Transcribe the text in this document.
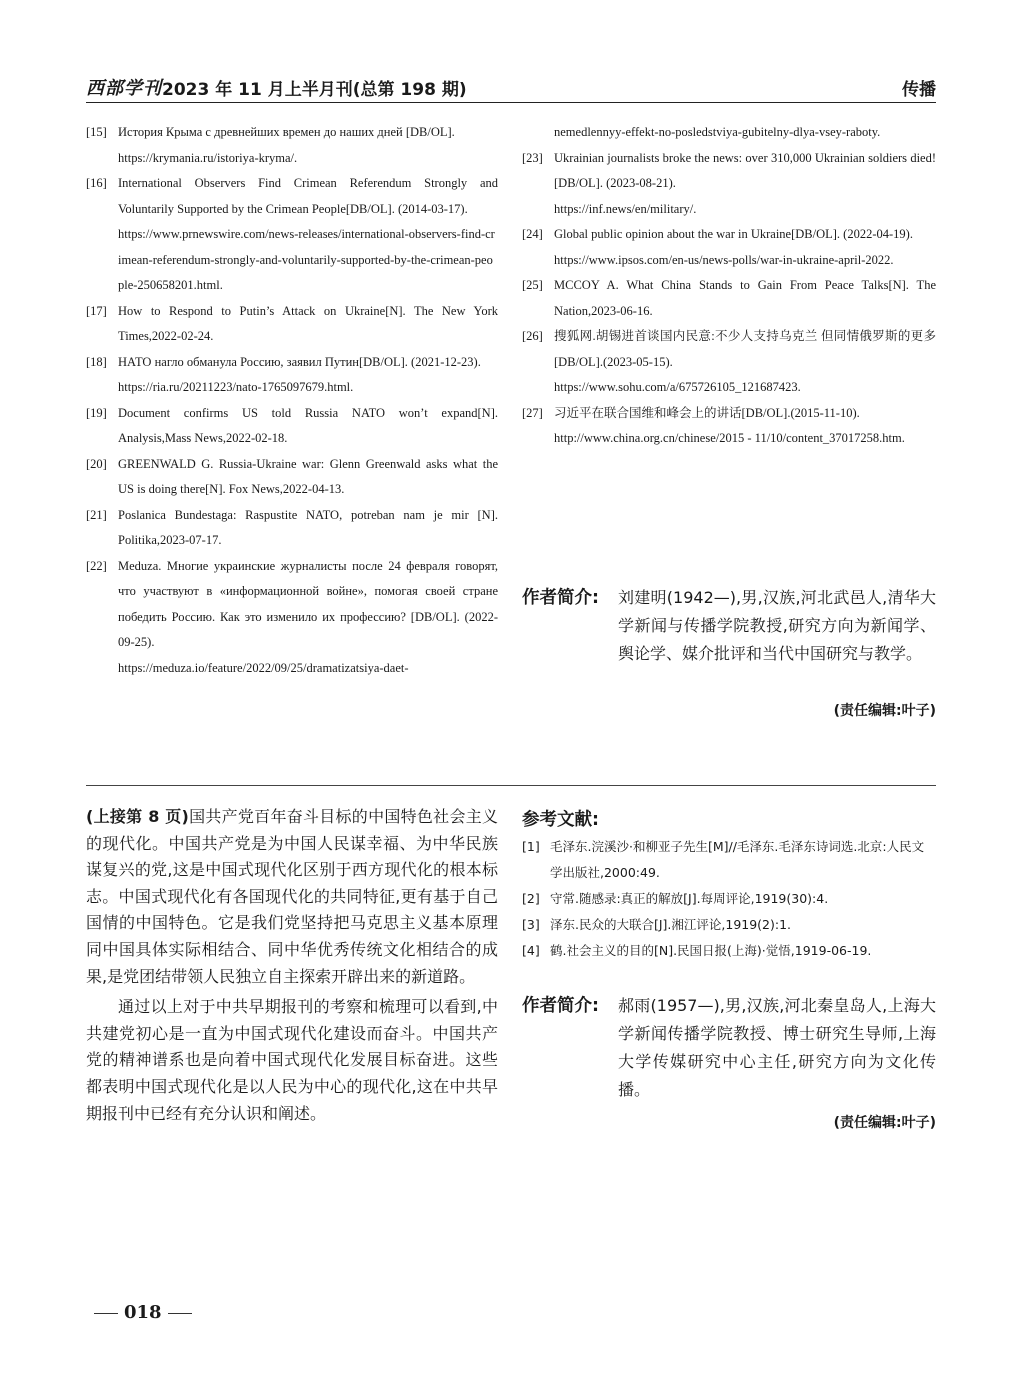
西部学刊 2023 年 11 月上半月刊(总第 198 期)	传播
[15] История Крыма с древнейших времен до наших дней [DB/OL].
https://krymania.ru/istoriya-kryma/.
[16] International Observers Find Crimean Referendum Strongly and Voluntarily Supported by the Crimean People[DB/OL]. (2014-03-17).
https://www.prnewswire.com/news-releases/international-observers-find-crimean-referendum-strongly-and-voluntarily-supported-by-the-crimean-people-250658201.html.
[17] How to Respond to Putin’s Attack on Ukraine[N]. The New York Times,2022-02-24.
[18] НАТО нагло обманула Россию, заявил Путин[DB/OL]. (2021-12-23).
https://ria.ru/20211223/nato-1765097679.html.
[19] Document confirms US told Russia NATO won’t expand[N]. Analysis,Mass News,2022-02-18.
[20] GREENWALD G. Russia-Ukraine war: Glenn Greenwald asks what the US is doing there[N]. Fox News,2022-04-13.
[21] Poslanica Bundestaga: Raspustite NATO, potreban nam je mir [N]. Politika,2023-07-17.
[22] Meduza. Многие украинские журналисты после 24 февраля говорят, что участвуют в «информационной войне», помогая своей стране победить Россию. Как это изменило их профессию? [DB/OL]. (2022-09-25).
https://meduza.io/feature/2022/09/25/dramatizatsiya-daet-
nemedlennyy-effekt-no-posledstviya-gubitelny-dlya-vsey-raboty.
[23] Ukrainian journalists broke the news: over 310,000 Ukrainian soldiers died! [DB/OL]. (2023-08-21).
https://inf.news/en/military/.
[24] Global public opinion about the war in Ukraine[DB/OL]. (2022-04-19).
https://www.ipsos.com/en-us/news-polls/war-in-ukraine-april-2022.
[25] MCCOY A. What China Stands to Gain From Peace Talks[N]. The Nation,2023-06-16.
[26] 搜狐网.胡锡进首谈国内民意:不少人支持乌克兰 但同情俄罗斯的更多[DB/OL].(2023-05-15).
https://www.sohu.com/a/675726105_121687423.
[27] 习近平在联合国维和峰会上的讲话[DB/OL].(2015-11-10).
http://www.china.org.cn/chinese/2015 - 11/10/content_37017258.htm.
作者简介: 刘建明(1942—),男,汉族,河北武邑人,清华大学新闻与传播学院教授,研究方向为新闻学、舆论学、媒介批评和当代中国研究与教学。
(责任编辑:叶子)

(上接第 8 页)国共产党百年奋斗目标的中国特色社会主义的现代化。中国共产党是为中国人民谋幸福、为中华民族谋复兴的党,这是中国式现代化区别于西方现代化的根本标志。中国式现代化有各国现代化的共同特征,更有基于自己国情的中国特色。它是我们党坚持把马克思主义基本原理同中国具体实际相结合、同中华优秀传统文化相结合的成果,是党团结带领人民独立自主探索开辟出来的新道路。

通过以上对于中共早期报刊的考察和梳理可以看到,中共建党初心是一直为中国式现代化建设而奋斗。中国共产党的精神谱系也是向着中国式现代化发展目标奋进。这些都表明中国式现代化是以人民为中心的现代化,这在中共早期报刊中已经有充分认识和阐述。

参考文献:
[1] 毛泽东.浣溪沙·和柳亚子先生[M]//毛泽东.毛泽东诗词选.北京:人民文学出版社,2000:49.
[2] 守常.随感录:真正的解放[J].每周评论,1919(30):4.
[3] 泽东.民众的大联合[J].湘江评论,1919(2):1.
[4] 鹤.社会主义的目的[N].民国日报(上海)·觉悟,1919-06-19.
作者简介: 郝雨(1957—),男,汉族,河北秦皇岛人,上海大学新闻传播学院教授、博士研究生导师,上海大学传媒研究中心主任,研究方向为文化传播。
(责任编辑:叶子)
018
